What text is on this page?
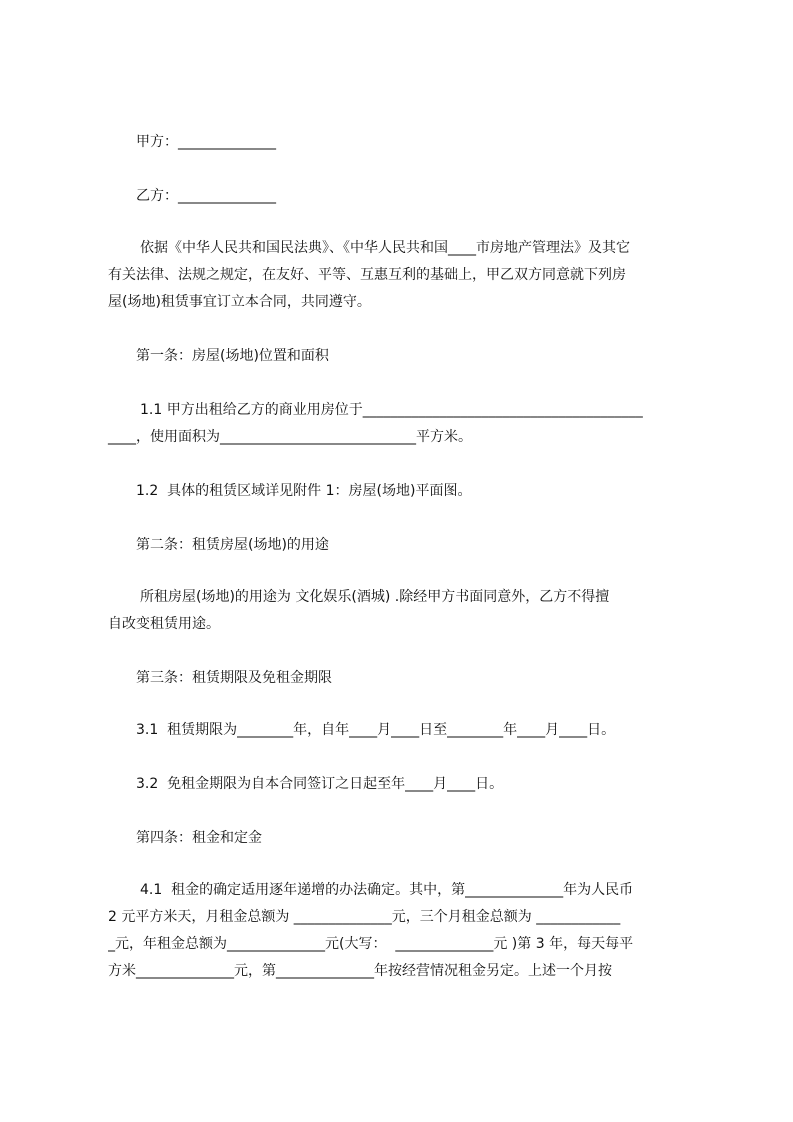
甲方：______________
乙方：______________
依据《中华人民共和国民法典》、《中华人民共和国____市房地产管理法》及其它
有关法律、法规之规定，在友好、平等、互惠互利的基础上，甲乙双方同意就下列房
屋(场地)租赁事宜订立本合同，共同遵守。
第一条：房屋(场地)位置和面积
1.1 甲方出租给乙方的商业用房位于________________________________________
____，使用面积为____________________________平方米。
1.2  具体的租赁区域详见附件 1：房屋(场地)平面图。
第二条：租赁房屋(场地)的用途
所租房屋(场地)的用途为 文化娱乐(酒城) .除经甲方书面同意外，乙方不得擅
自改变租赁用途。
第三条：租赁期限及免租金期限
3.1  租赁期限为________年，自年____月____日至________年____月____日。
3.2  免租金期限为自本合同签订之日起至年____月____日。
第四条：租金和定金
4.1  租金的确定适用逐年递增的办法确定。其中，第______________年为人民币
2 元平方米天，月租金总额为 ______________元，三个月租金总额为 ____________
_元，年租金总额为______________元(大写：  ______________元 )第 3 年，每天每平
方米______________元，第______________年按经营情况租金另定。上述一个月按
